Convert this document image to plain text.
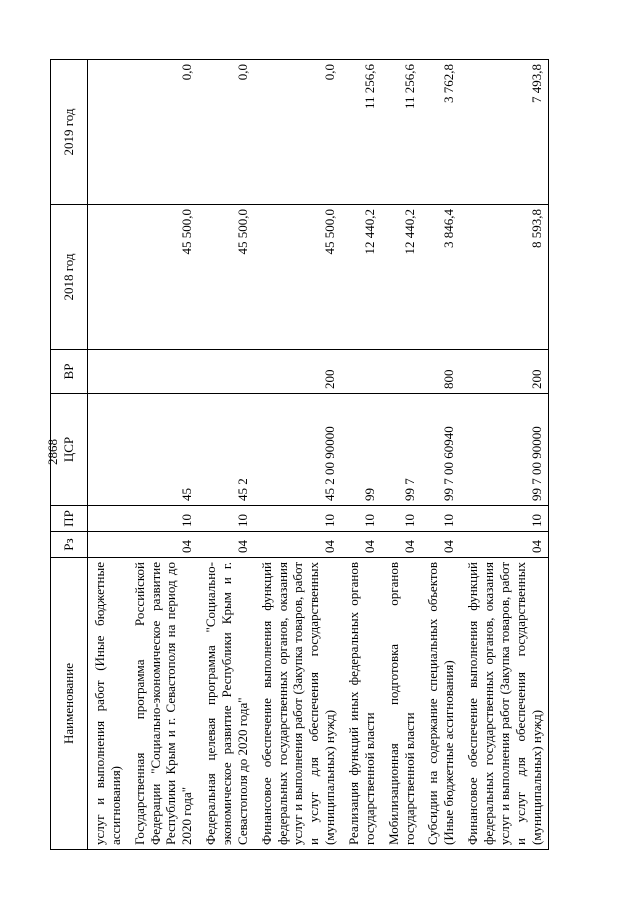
2868
Наименование	Рз	ПР	ЦСР	ВР	2018 год	2019 год
услуг и выполнения работ (Иные бюджетные ассигнования)						
Государственная программа Российской Федерации "Социально-экономическое развитие Республики Крым и г. Севастополя на период до 2020 года"	04	10	45		45 500,0	0,0
Федеральная целевая программа "Социально-экономическое развитие Республики Крым и г. Севастополя до 2020 года"	04	10	45 2		45 500,0	0,0
Финансовое обеспечение выполнения функций федеральных государственных органов, оказания услуг и выполнения работ (Закупка товаров, работ и услуг для обеспечения государственных (муниципальных) нужд)	04	10	45 2 00 90000	200	45 500,0	0,0
Реализация функций иных федеральных органов государственной власти	04	10	99		12 440,2	11 256,6
Мобилизационная подготовка органов государственной власти	04	10	99 7		12 440,2	11 256,6
Субсидии на содержание специальных объектов (Иные бюджетные ассигнования)	04	10	99 7 00 60940	800	3 846,4	3 762,8
Финансовое обеспечение выполнения функций федеральных государственных органов, оказания услуг и выполнения работ (Закупка товаров, работ и услуг для обеспечения государственных (муниципальных) нужд)	04	10	99 7 00 90000	200	8 593,8	7 493,8
